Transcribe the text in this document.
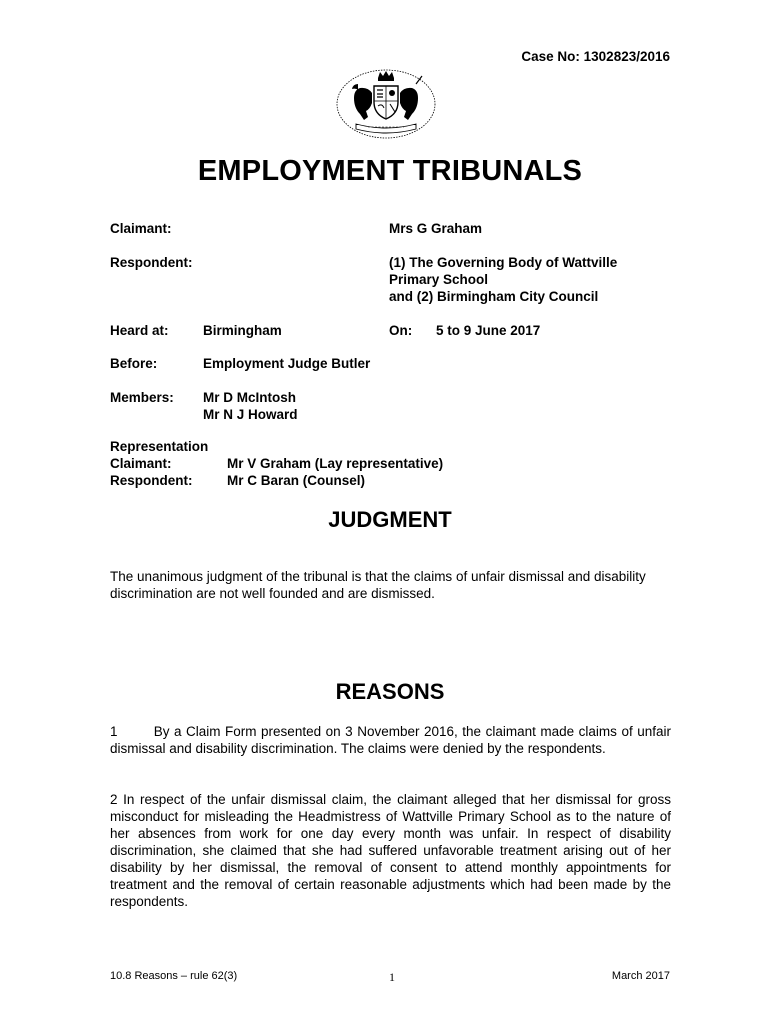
Case No: 1302823/2016
EMPLOYMENT TRIBUNALS
Claimant:	Mrs G Graham
Respondent:	(1) The Governing Body of Wattville
Primary School
and (2) Birmingham City Council
Heard at:	Birmingham	On: 5 to 9 June 2017
Before:	Employment Judge Butler
Members: Mr D McIntosh
Mr N J Howard
Representation
Claimant:	Mr V Graham (Lay representative)
Respondent:	Mr C Baran (Counsel)
JUDGMENT

The unanimous judgment of the tribunal is that the claims of unfair dismissal and disability discrimination are not well founded and are dismissed.

REASONS

1        By a Claim Form presented on 3 November 2016, the claimant made claims of unfair dismissal and disability discrimination. The claims were denied by the respondents.

2 In respect of the unfair dismissal claim, the claimant alleged that her dismissal for gross misconduct for misleading the Headmistress of Wattville Primary School as to the nature of her absences from work for one day every month was unfair. In respect of disability discrimination, she claimed that she had suffered unfavorable treatment arising out of her disability by her dismissal, the removal of consent to attend monthly appointments for treatment and the removal of certain reasonable adjustments which had been made by the respondents.

10.8 Reasons – rule 62(3)	1	March 2017
